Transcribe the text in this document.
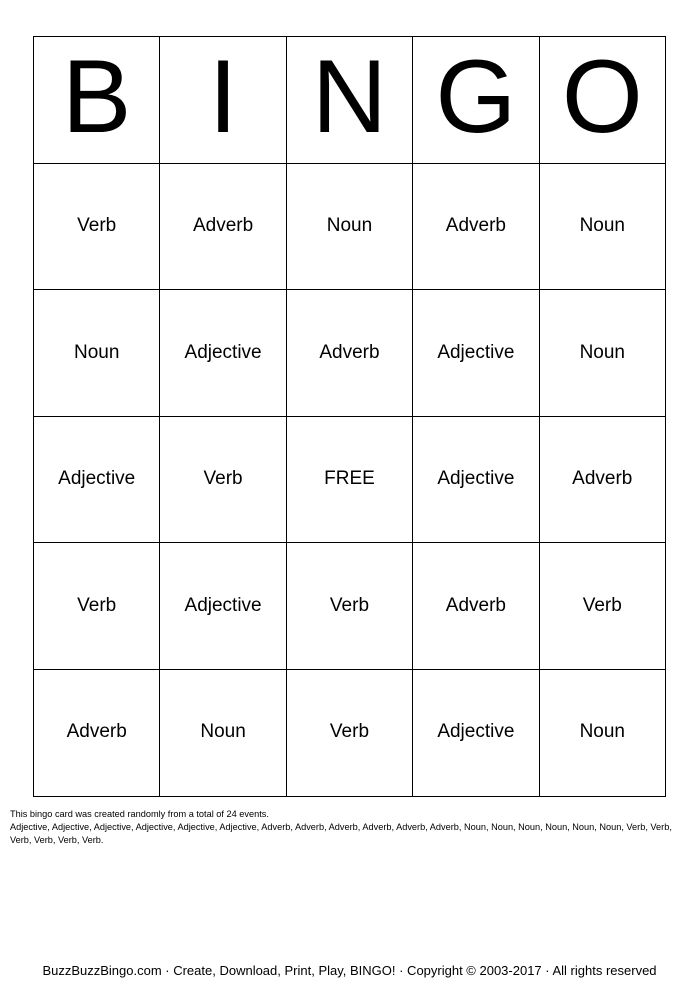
B	I	N	G	O
Verb	Adverb	Noun	Adverb	Noun
Noun	Adjective	Adverb	Adjective	Noun
Adjective	Verb	FREE	Adjective	Adverb
Verb	Adjective	Verb	Adverb	Verb
Adverb	Noun	Verb	Adjective	Noun
This bingo card was created randomly from a total of 24 events.
Adjective, Adjective, Adjective, Adjective, Adjective, Adjective, Adverb, Adverb, Adverb, Adverb, Adverb, Adverb, Noun, Noun, Noun, Noun, Noun, Noun, Verb, Verb, Verb, Verb, Verb, Verb.
BuzzBuzzBingo.com · Create, Download, Print, Play, BINGO! · Copyright © 2003-2017 · All rights reserved
